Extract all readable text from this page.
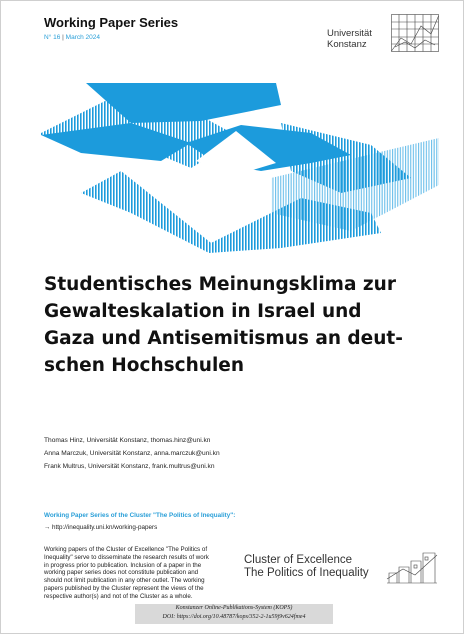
Working Paper Series
N° 16 | March 2024	Universität
Konstanz
Studentisches Meinungsklima zur
Gewalteskalation in Israel und
Gaza und Antisemitismus an deut-
schen Hochschulen
Thomas Hinz, Universität Konstanz, thomas.hinz@uni.kn
Anna Marczuk, Universität Konstanz, anna.marczuk@uni.kn
Frank Multrus, Universität Konstanz, frank.multrus@uni.kn
Working Paper Series of the Cluster "The Politics of Inequality":
→ http://inequality.uni.kn/working-papers
Working papers of the Cluster of Excellence "The Politics of
Inequality" serve to disseminate the research results of work
in progress prior to publication. Inclusion of a paper in the
working paper series does not constitute publication and
should not limit publication in any other outlet. The working
papers published by the Cluster represent the views of the
respective author(s) and not of the Cluster as a whole.
Cluster of Excellence
The Politics of Inequality
Konstanzer Online-Publikations-System (KOPS)
DOI: https://doi.org/10.48787/kops/352-2-1u59j9v624fme4
